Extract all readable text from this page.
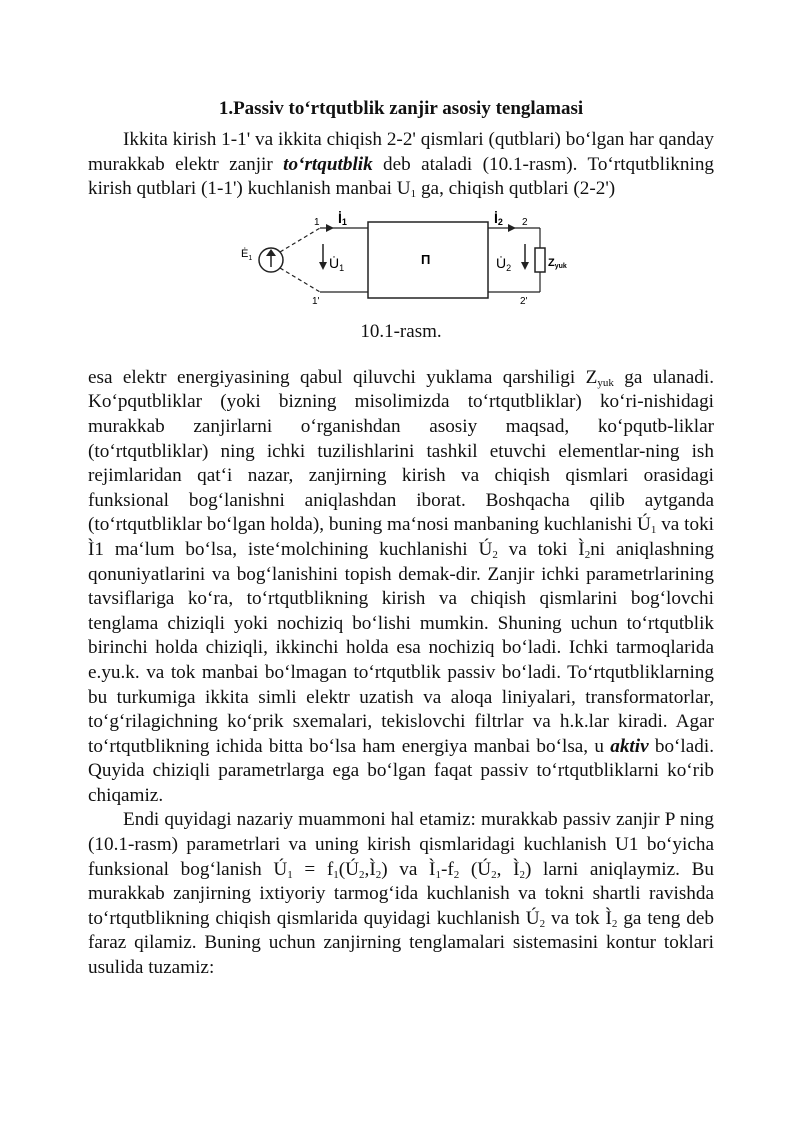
1.Passiv to‘rtqutblik zanjir asosiy tenglamasi

Ikkita kirish 1-1' va ikkita chiqish 2-2' qismlari (qutblari) bo‘lgan har qanday murakkab elektr zanjir to‘rtqutblik deb ataladi (10.1-rasm). To‘rtqutblikning kirish qutblari (1-1') kuchlanish manbai $U_1$ ga, chiqish qutblari (2-2')

$Ė_1$
1
1'
İ1
$U̇_1$
П
İ2 2
2'
$U̇_2$	Zyuk
10.1-rasm.

esa elektr energiyasining qabul qiluvchi yuklama qarshiligi $Z_{yuk}$ ga ulanadi. Ko‘pqutbliklar (yoki bizning misolimizda to‘rtqutbliklar) ko‘ri-nishidagi murakkab zanjirlarni o‘rganishdan asosiy maqsad, ko‘pqutb-liklar (to‘rtqutbliklar) ning ichki tuzilishlarini tashkil etuvchi elementlar-ning ish rejimlaridan qat‘i nazar, zanjirning kirish va chiqish qismlari orasidagi funksional bog‘lanishni aniqlashdan iborat. Boshqacha qilib aytganda (to‘rtqutbliklar bo‘lgan holda), buning ma‘nosi manbaning kuchlanishi $Ú_1$ va toki Ì1 ma‘lum bo‘lsa, iste‘molchining kuchlanishi $Ú_2$ va toki $Ì_2ni$ aniqlashning qonuniyatlarini va bog‘lanishini topish demak-dir. Zanjir ichki parametrlarining tavsiflariga ko‘ra, to‘rtqutblikning kirish va chiqish qismlarini bog‘lovchi tenglama chiziqli yoki nochiziq bo‘lishi mumkin. Shuning uchun to‘rtqutblik birinchi holda chiziqli, ikkinchi holda esa nochiziq bo‘ladi. Ichki tarmoqlarida e.yu.k. va tok manbai bo‘lmagan to‘rtqutblik passiv bo‘ladi. To‘rtqutbliklarning bu turkumiga ikkita simli elektr uzatish va aloqa liniyalari, transformatorlar, to‘g‘rilagichning ko‘prik sxemalari, tekislovchi filtrlar va h.k.lar kiradi. Agar to‘rtqutblikning ichida bitta bo‘lsa ham energiya manbai bo‘lsa, u aktiv bo‘ladi. Quyida chiziqli parametrlarga ega bo‘lgan faqat passiv to‘rtqutbliklarni ko‘rib chiqamiz.

Endi quyidagi nazariy muammoni hal etamiz: murakkab passiv zanjir P ning (10.1-rasm) parametrlari va uning kirish qismlaridagi kuchlanish U1 bo‘yicha funksional bog‘lanish $Ú_1$ = $f_1(Ú_2,Ì_2)$ va $Ì_1-f_2$ ($Ú_2$, $Ì_2$) larni aniqlaymiz. Bu murakkab zanjirning ixtiyoriy tarmog‘ida kuchlanish va tokni shartli ravishda to‘rtqutblikning chiqish qismlarida quyidagi kuchlanish $Ú_2$ va tok $Ì_2$ ga teng deb faraz qilamiz. Buning uchun zanjirning tenglamalari sistemasini kontur toklari usulida tuzamiz:
